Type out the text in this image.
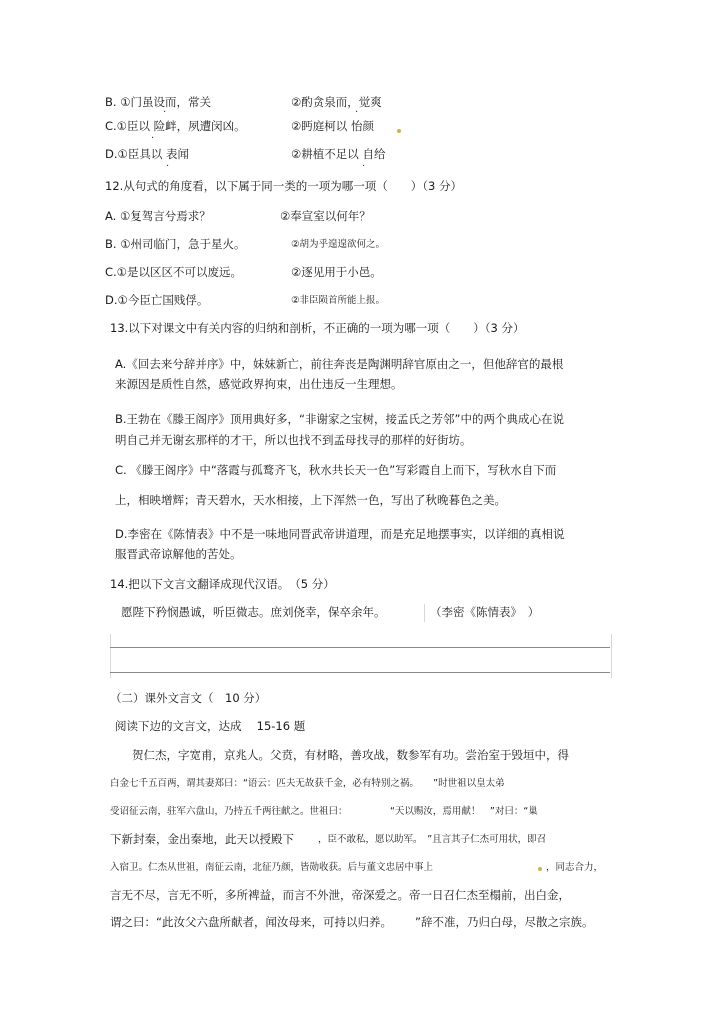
B. ①门虽设而，常关	②酌贪泉而，觉爽
C.①臣以 险衅，夙遭闵凶。	②眄庭柯以 怡颜
D.①臣具以 表闻	②耕植不足以 自给
·	·
·
·	·
12.从句式的角度看，以下属于同一类的一项为哪一项（　　）（3 分）
A. ①复驾言兮焉求？	②奉宣室以何年？
B. ①州司临门，急于星火。	②胡为乎遑遑欲何之。
C.①是以区区不可以废远。	②逐见用于小邑。
D.①今臣亡国贱俘。	②非臣陨首所能上报。
13.以下对课文中有关内容的归纳和剖析，不正确的一项为哪一项（　　）（3 分）
A.《回去来兮辞并序》中，妹妹新亡，前往奔丧是陶渊明辞官原由之一，但他辞官的最根
来源因是质性自然，感觉政界拘束，出仕违反一生理想。
B.王勃在《滕王阁序》顶用典好多，“非谢家之宝树，接孟氏之芳邻”中的两个典成心在说
明自己并无谢玄那样的才干，所以也找不到孟母找寻的那样的好街坊。
C. 《滕王阁序》中“落霞与孤鹜齐飞，秋水共长天一色”写彩霞自上而下，写秋水自下而
上，相映增辉；青天碧水，天水相接，上下浑然一色，写出了秋晚暮色之美。
D.李密在《陈情表》中不是一味地同晋武帝讲道理，而是充足地摆事实，以详细的真相说
服晋武帝谅解他的苦处。
14.把以下文言文翻译成现代汉语。　（5 分）
愿陛下矜悯愚诚，听臣微志。庶刘侥幸，保卒余年。	（李密《陈情表》　）
（二）课外文言文（　10 分）
阅读下边的文言文，达成　 15-16 题
贺仁杰，字宽甫，京兆人。父贲，有材略，善攻战，数参军有功。尝治室于毁垣中，得
白金七千五百两，谓其妻郑曰：“语云：匹夫无故获千金，必有特别之祸。　　”时世祖以皇太弟
受诏征云南，驻军六盘山，乃持五千两往献之。世祖曰：	“天以赐汝，焉用献！　”对曰：“巢
下新封秦，金出秦地，此天以授殿下	，臣不敢私，愿以助军。　”且言其子仁杰可用状，即召
入宿卫。仁杰从世祖，南征云南，北征乃颜，皆勋收获。后与董文忠居中事上	，同志合力，
言无不尽，言无不听，多所裨益，而言不外泄，帝深爱之。帝一日召仁杰至榻前，出白金，
谓之曰：“此汝父六盘所献者，闻汝母来，可持以归养。 ”辞不准，乃归白母，尽散之宗族。
